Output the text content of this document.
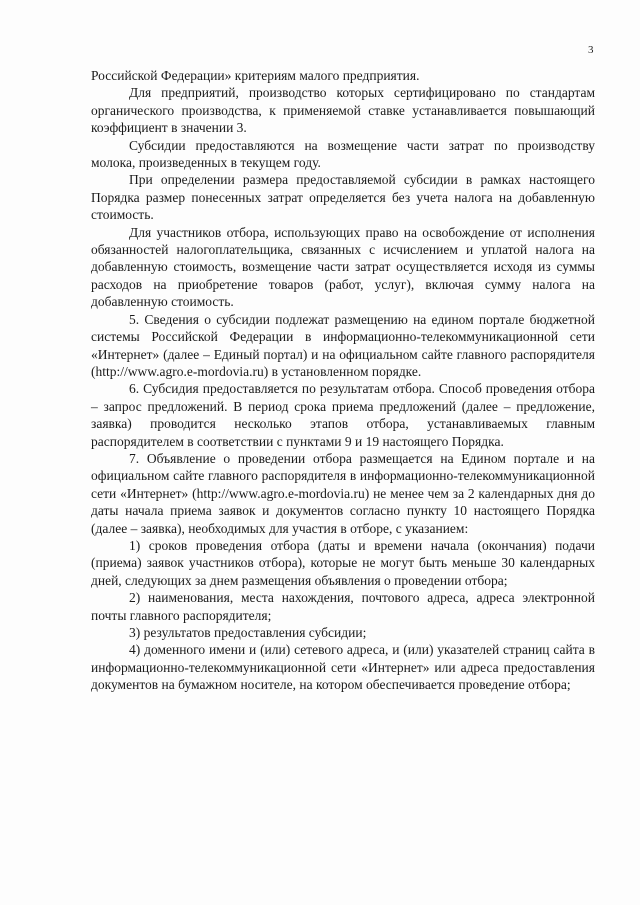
3

Российской Федерации» критериям малого предприятия.

Для предприятий, производство которых сертифицировано по стандартам органического производства, к применяемой ставке устанавливается повышающий коэффициент в значении 3.

Субсидии предоставляются на возмещение части затрат по производству молока, произведенных в текущем году.

При определении размера предоставляемой субсидии в рамках настоящего Порядка размер понесенных затрат определяется без учета налога на добавленную стоимость.

Для участников отбора, использующих право на освобождение от исполнения обязанностей налогоплательщика, связанных с исчислением и уплатой налога на добавленную стоимость, возмещение части затрат осуществляется исходя из суммы расходов на приобретение товаров (работ, услуг), включая сумму налога на добавленную стоимость.

5. Сведения о субсидии подлежат размещению на едином портале бюджетной системы Российской Федерации в информационно-телекоммуникационной сети «Интернет» (далее – Единый портал) и на официальном сайте главного распорядителя (http://www.agro.e-mordovia.ru) в установленном порядке.

6. Субсидия предоставляется по результатам отбора. Способ проведения отбора – запрос предложений. В период срока приема предложений (далее – предложение, заявка) проводится несколько этапов отбора, устанавливаемых главным распорядителем в соответствии с пунктами 9 и 19 настоящего Порядка.

7. Объявление о проведении отбора размещается на Едином портале и на официальном сайте главного распорядителя в информационно-телекоммуникационной сети «Интернет» (http://www.agro.e-mordovia.ru) не менее чем за 2 календарных дня до даты начала приема заявок и документов согласно пункту 10 настоящего Порядка (далее – заявка), необходимых для участия в отборе, с указанием:

1) сроков проведения отбора (даты и времени начала (окончания) подачи (приема) заявок участников отбора), которые не могут быть меньше 30 календарных дней, следующих за днем размещения объявления о проведении отбора;

2) наименования, места нахождения, почтового адреса, адреса электронной почты главного распорядителя;

3) результатов предоставления субсидии;

4) доменного имени и (или) сетевого адреса, и (или) указателей страниц сайта в информационно-телекоммуникационной сети «Интернет» или адреса предоставления документов на бумажном носителе, на котором обеспечивается проведение отбора;
